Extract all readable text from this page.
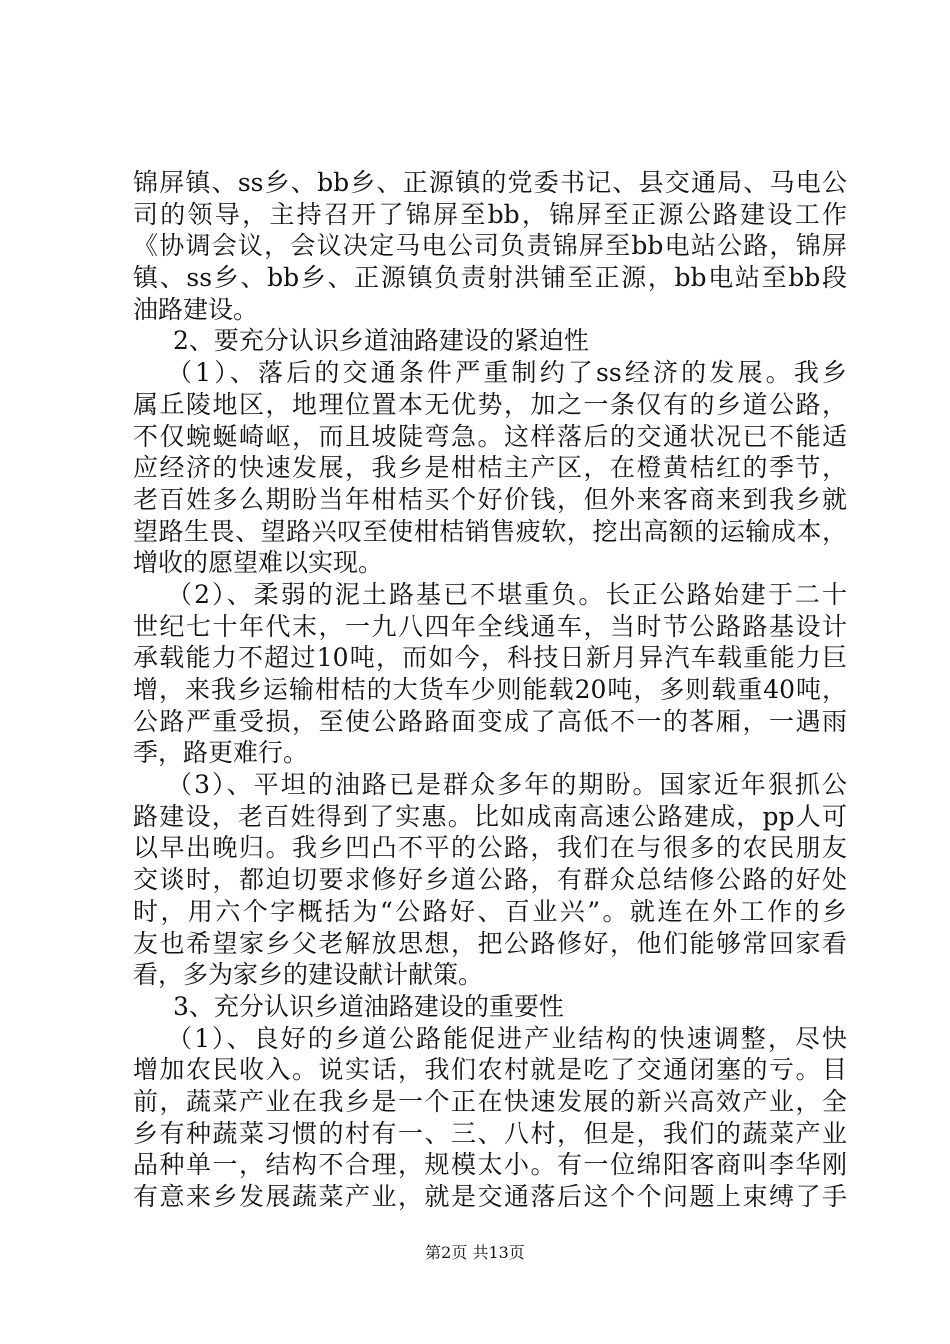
锦屏镇、ss乡、bb乡、正源镇的党委书记、县交通局、马电公
司的领导，主持召开了锦屏至bb，锦屏至正源公路建设工作
《协调会议，会议决定马电公司负责锦屏至bb电站公路，锦屏
镇、ss乡、bb乡、正源镇负责射洪铺至正源，bb电站至bb段
油路建设。
2、要充分认识乡道油路建设的紧迫性
（1）、落后的交通条件严重制约了ss经济的发展。我乡
属丘陵地区，地理位置本无优势，加之一条仅有的乡道公路，
不仅蜿蜒崎岖，而且坡陡弯急。这样落后的交通状况已不能适
应经济的快速发展，我乡是柑桔主产区，在橙黄桔红的季节，
老百姓多么期盼当年柑桔买个好价钱，但外来客商来到我乡就
望路生畏、望路兴叹至使柑桔销售疲软，挖出高额的运输成本，
增收的愿望难以实现。
（2）、柔弱的泥土路基已不堪重负。长正公路始建于二十
世纪七十年代末，一九八四年全线通车，当时节公路路基设计
承载能力不超过10吨，而如今，科技日新月异汽车载重能力巨
增，来我乡运输柑桔的大货车少则能载20吨，多则载重40吨，
公路严重受损，至使公路路面变成了高低不一的茖厢，一遇雨
季，路更难行。
（3）、平坦的油路已是群众多年的期盼。国家近年狠抓公
路建设，老百姓得到了实惠。比如成南高速公路建成，pp人可
以早出晚归。我乡凹凸不平的公路，我们在与很多的农民朋友
交谈时，都迫切要求修好乡道公路，有群众总结修公路的好处
时，用六个字概括为“公路好、百业兴”。就连在外工作的乡
友也希望家乡父老解放思想，把公路修好，他们能够常回家看
看，多为家乡的建设献计献策。
3、充分认识乡道油路建设的重要性
（1）、良好的乡道公路能促进产业结构的快速调整，尽快
增加农民收入。说实话，我们农村就是吃了交通闭塞的亏。目
前，蔬菜产业在我乡是一个正在快速发展的新兴高效产业，全
乡有种蔬菜习惯的村有一、三、八村，但是，我们的蔬菜产业
品种单一，结构不合理，规模太小。有一位绵阳客商叫李华刚
有意来乡发展蔬菜产业，就是交通落后这个个问题上束缚了手
第2页 共13页
